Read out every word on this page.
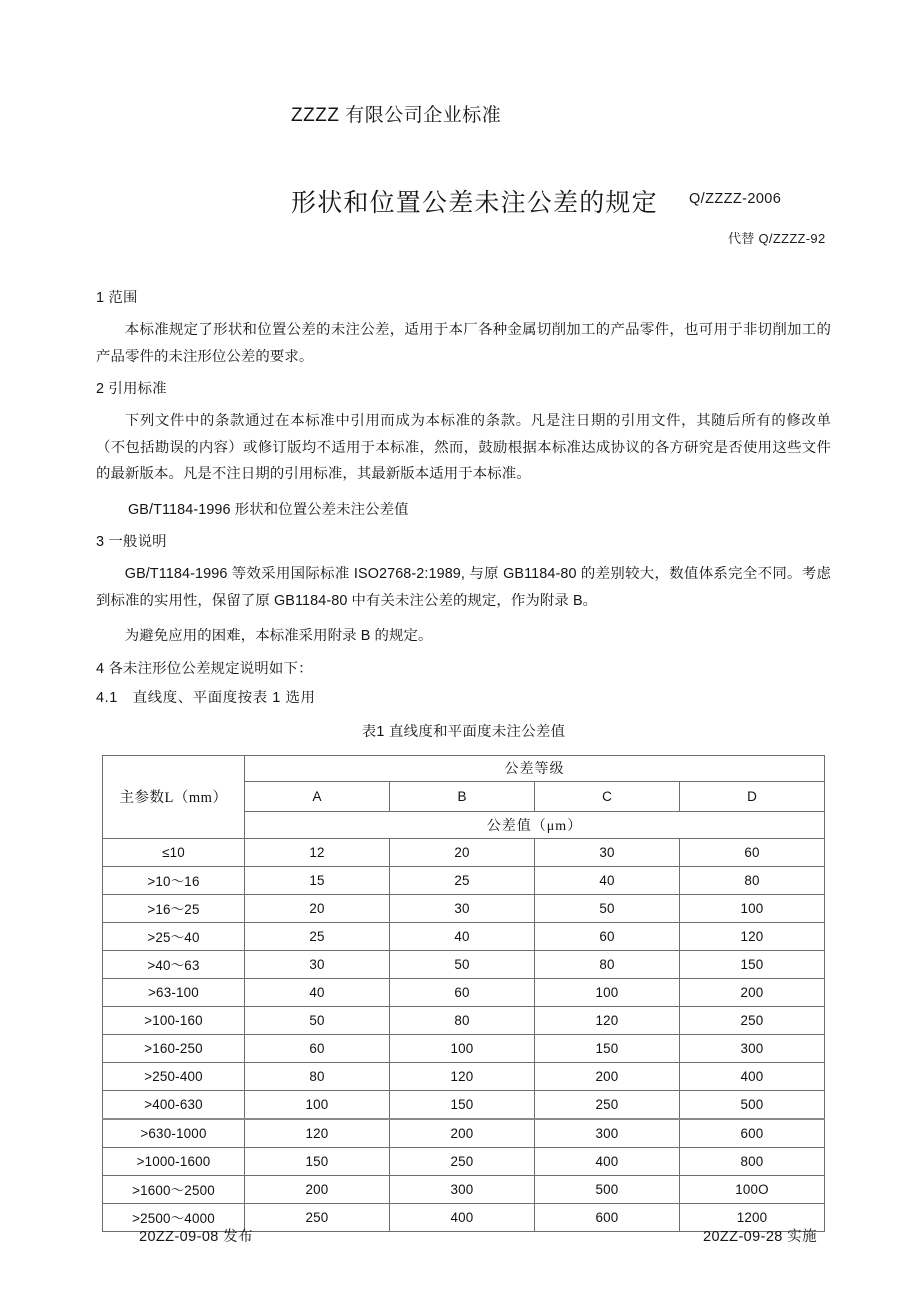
ZZZZ 有限公司企业标准
形状和位置公差未注公差的规定 Q/ZZZZ-2006
代替 Q/ZZZZ-92

1 范围

本标准规定了形状和位置公差的未注公差，适用于本厂各种金属切削加工的产品零件，也可用于非切削加工的产品零件的未注形位公差的要求。

2 引用标准

下列文件中的条款通过在本标准中引用而成为本标准的条款。凡是注日期的引用文件，其随后所有的修改单（不包括勘误的内容）或修订版均不适用于本标准，然而，鼓励根据本标准达成协议的各方研究是否使用这些文件的最新版本。凡是不注日期的引用标准，其最新版本适用于本标准。

GB/T1184-1996 形状和位置公差未注公差值

3 一般说明

GB/T1184-1996 等效采用国际标准 ISO2768-2:1989, 与原 GB1184-80 的差别较大，数值体系完全不同。考虑到标准的实用性，保留了原 GB1184-80 中有关未注公差的规定，作为附录 B。

为避免应用的困难，本标准采用附录 B 的规定。

4 各未注形位公差规定说明如下：

4.1　直线度、平面度按表 1 选用

表1 直线度和平面度未注公差值

主参数L（mm）	公差等级			
	A	B	C	D
	公差值（μm）			
≤10	12	20	30	60
>10～16	15	25	40	80
>16～25	20	30	50	100
>25～40	25	40	60	120
>40～63	30	50	80	150
>63-100	40	60	100	200
>100-160	50	80	120	250
>160-250	60	100	150	300
>250-400	80	120	200	400
>400-630	100	150	250	500
>630-1000	120	200	300	600
>1000-1600	150	250	400	800
>1600～2500	200	300	500	100O
>2500～4000	250	400	600	1200
20ZZ-09-08 发布	20ZZ-09-28 实施
